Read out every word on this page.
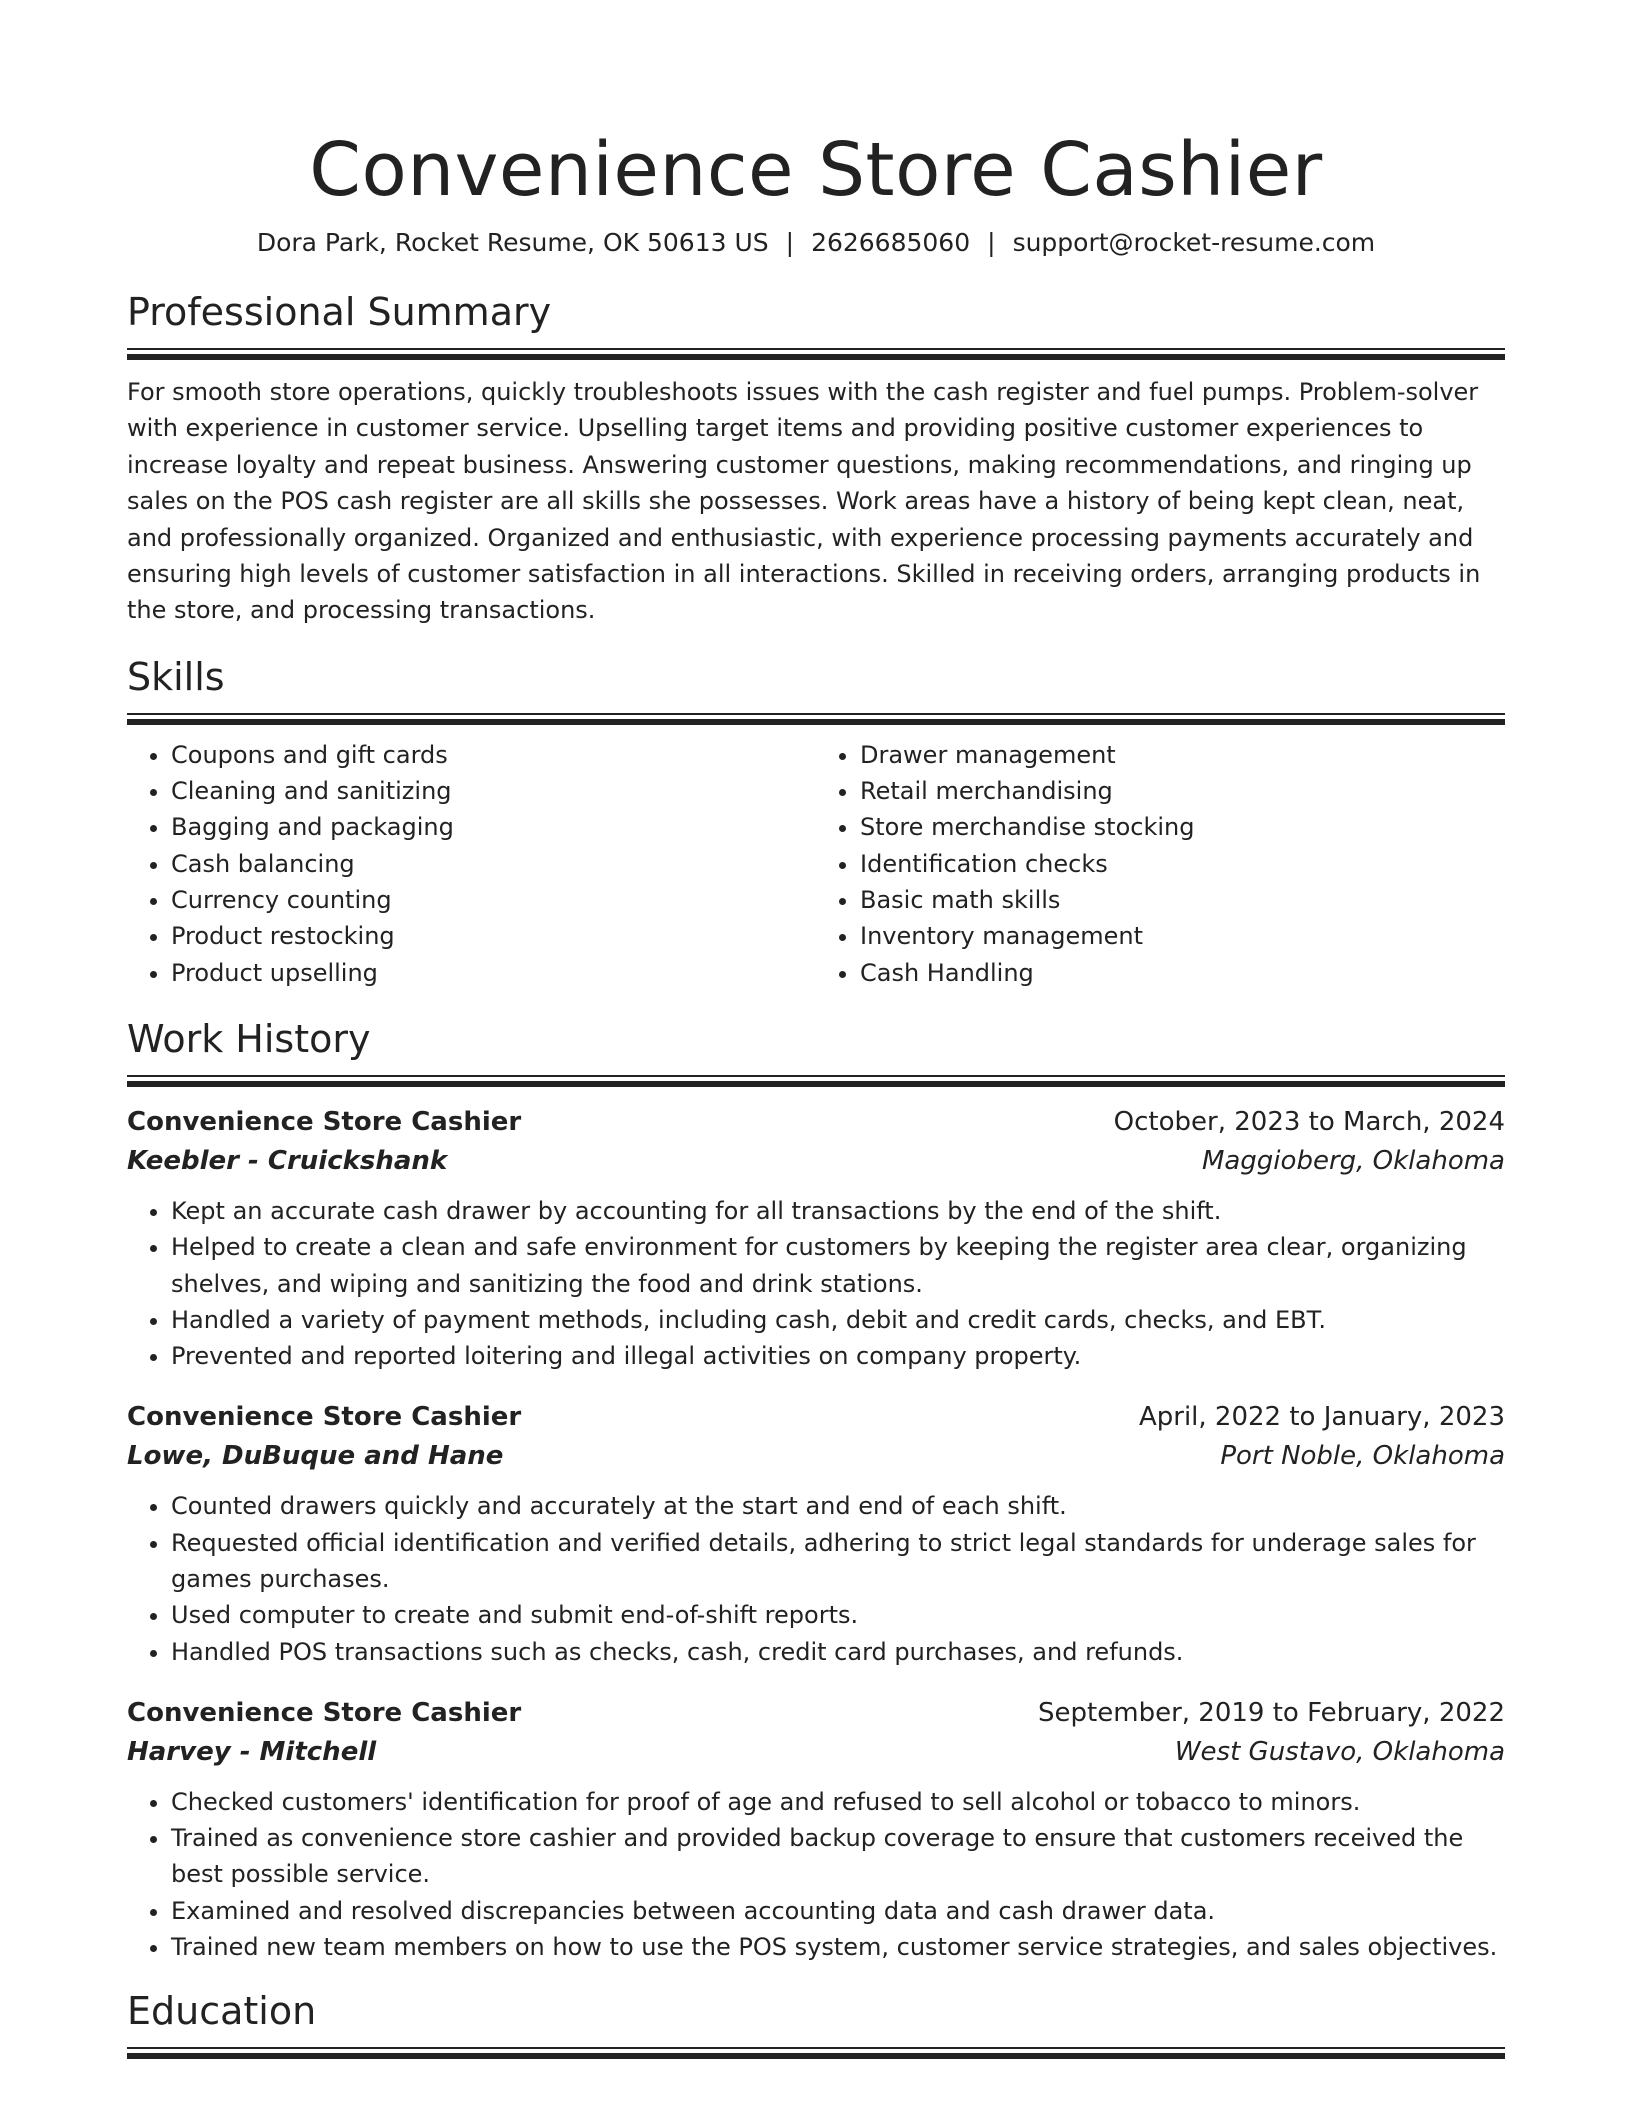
Convenience Store Cashier
Dora Park, Rocket Resume, OK 50613 US | 2626685060 | support@rocket-resume.com
Professional Summary

For smooth store operations, quickly troubleshoots issues with the cash register and fuel pumps. Problem-solver with experience in customer service. Upselling target items and providing positive customer experiences to increase loyalty and repeat business. Answering customer questions, making recommendations, and ringing up sales on the POS cash register are all skills she possesses. Work areas have a history of being kept clean, neat, and professionally organized. Organized and enthusiastic, with experience processing payments accurately and ensuring high levels of customer satisfaction in all interactions. Skilled in receiving orders, arranging products in the store, and processing transactions.

Skills
• Coupons and gift cards
• Cleaning and sanitizing
• Bagging and packaging
• Cash balancing
• Currency counting
• Product restocking
• Product upselling
• Drawer management
• Retail merchandising
• Store merchandise stocking
• Identification checks
• Basic math skills
• Inventory management
• Cash Handling
Work History
Convenience Store Cashier	October, 2023 to March, 2024
Keebler - Cruickshank	Maggioberg, Oklahoma
• Kept an accurate cash drawer by accounting for all transactions by the end of the shift.
• Helped to create a clean and safe environment for customers by keeping the register area clear, organizing shelves, and wiping and sanitizing the food and drink stations.
• Handled a variety of payment methods, including cash, debit and credit cards, checks, and EBT.
• Prevented and reported loitering and illegal activities on company property.
Convenience Store Cashier	April, 2022 to January, 2023
Lowe, DuBuque and Hane	Port Noble, Oklahoma
• Counted drawers quickly and accurately at the start and end of each shift.
• Requested official identification and verified details, adhering to strict legal standards for underage sales for games purchases.
• Used computer to create and submit end-of-shift reports.
• Handled POS transactions such as checks, cash, credit card purchases, and refunds.
Convenience Store Cashier	September, 2019 to February, 2022
Harvey - Mitchell	West Gustavo, Oklahoma
• Checked customers' identification for proof of age and refused to sell alcohol or tobacco to minors.
• Trained as convenience store cashier and provided backup coverage to ensure that customers received the best possible service.
• Examined and resolved discrepancies between accounting data and cash drawer data.
• Trained new team members on how to use the POS system, customer service strategies, and sales objectives.
Education
